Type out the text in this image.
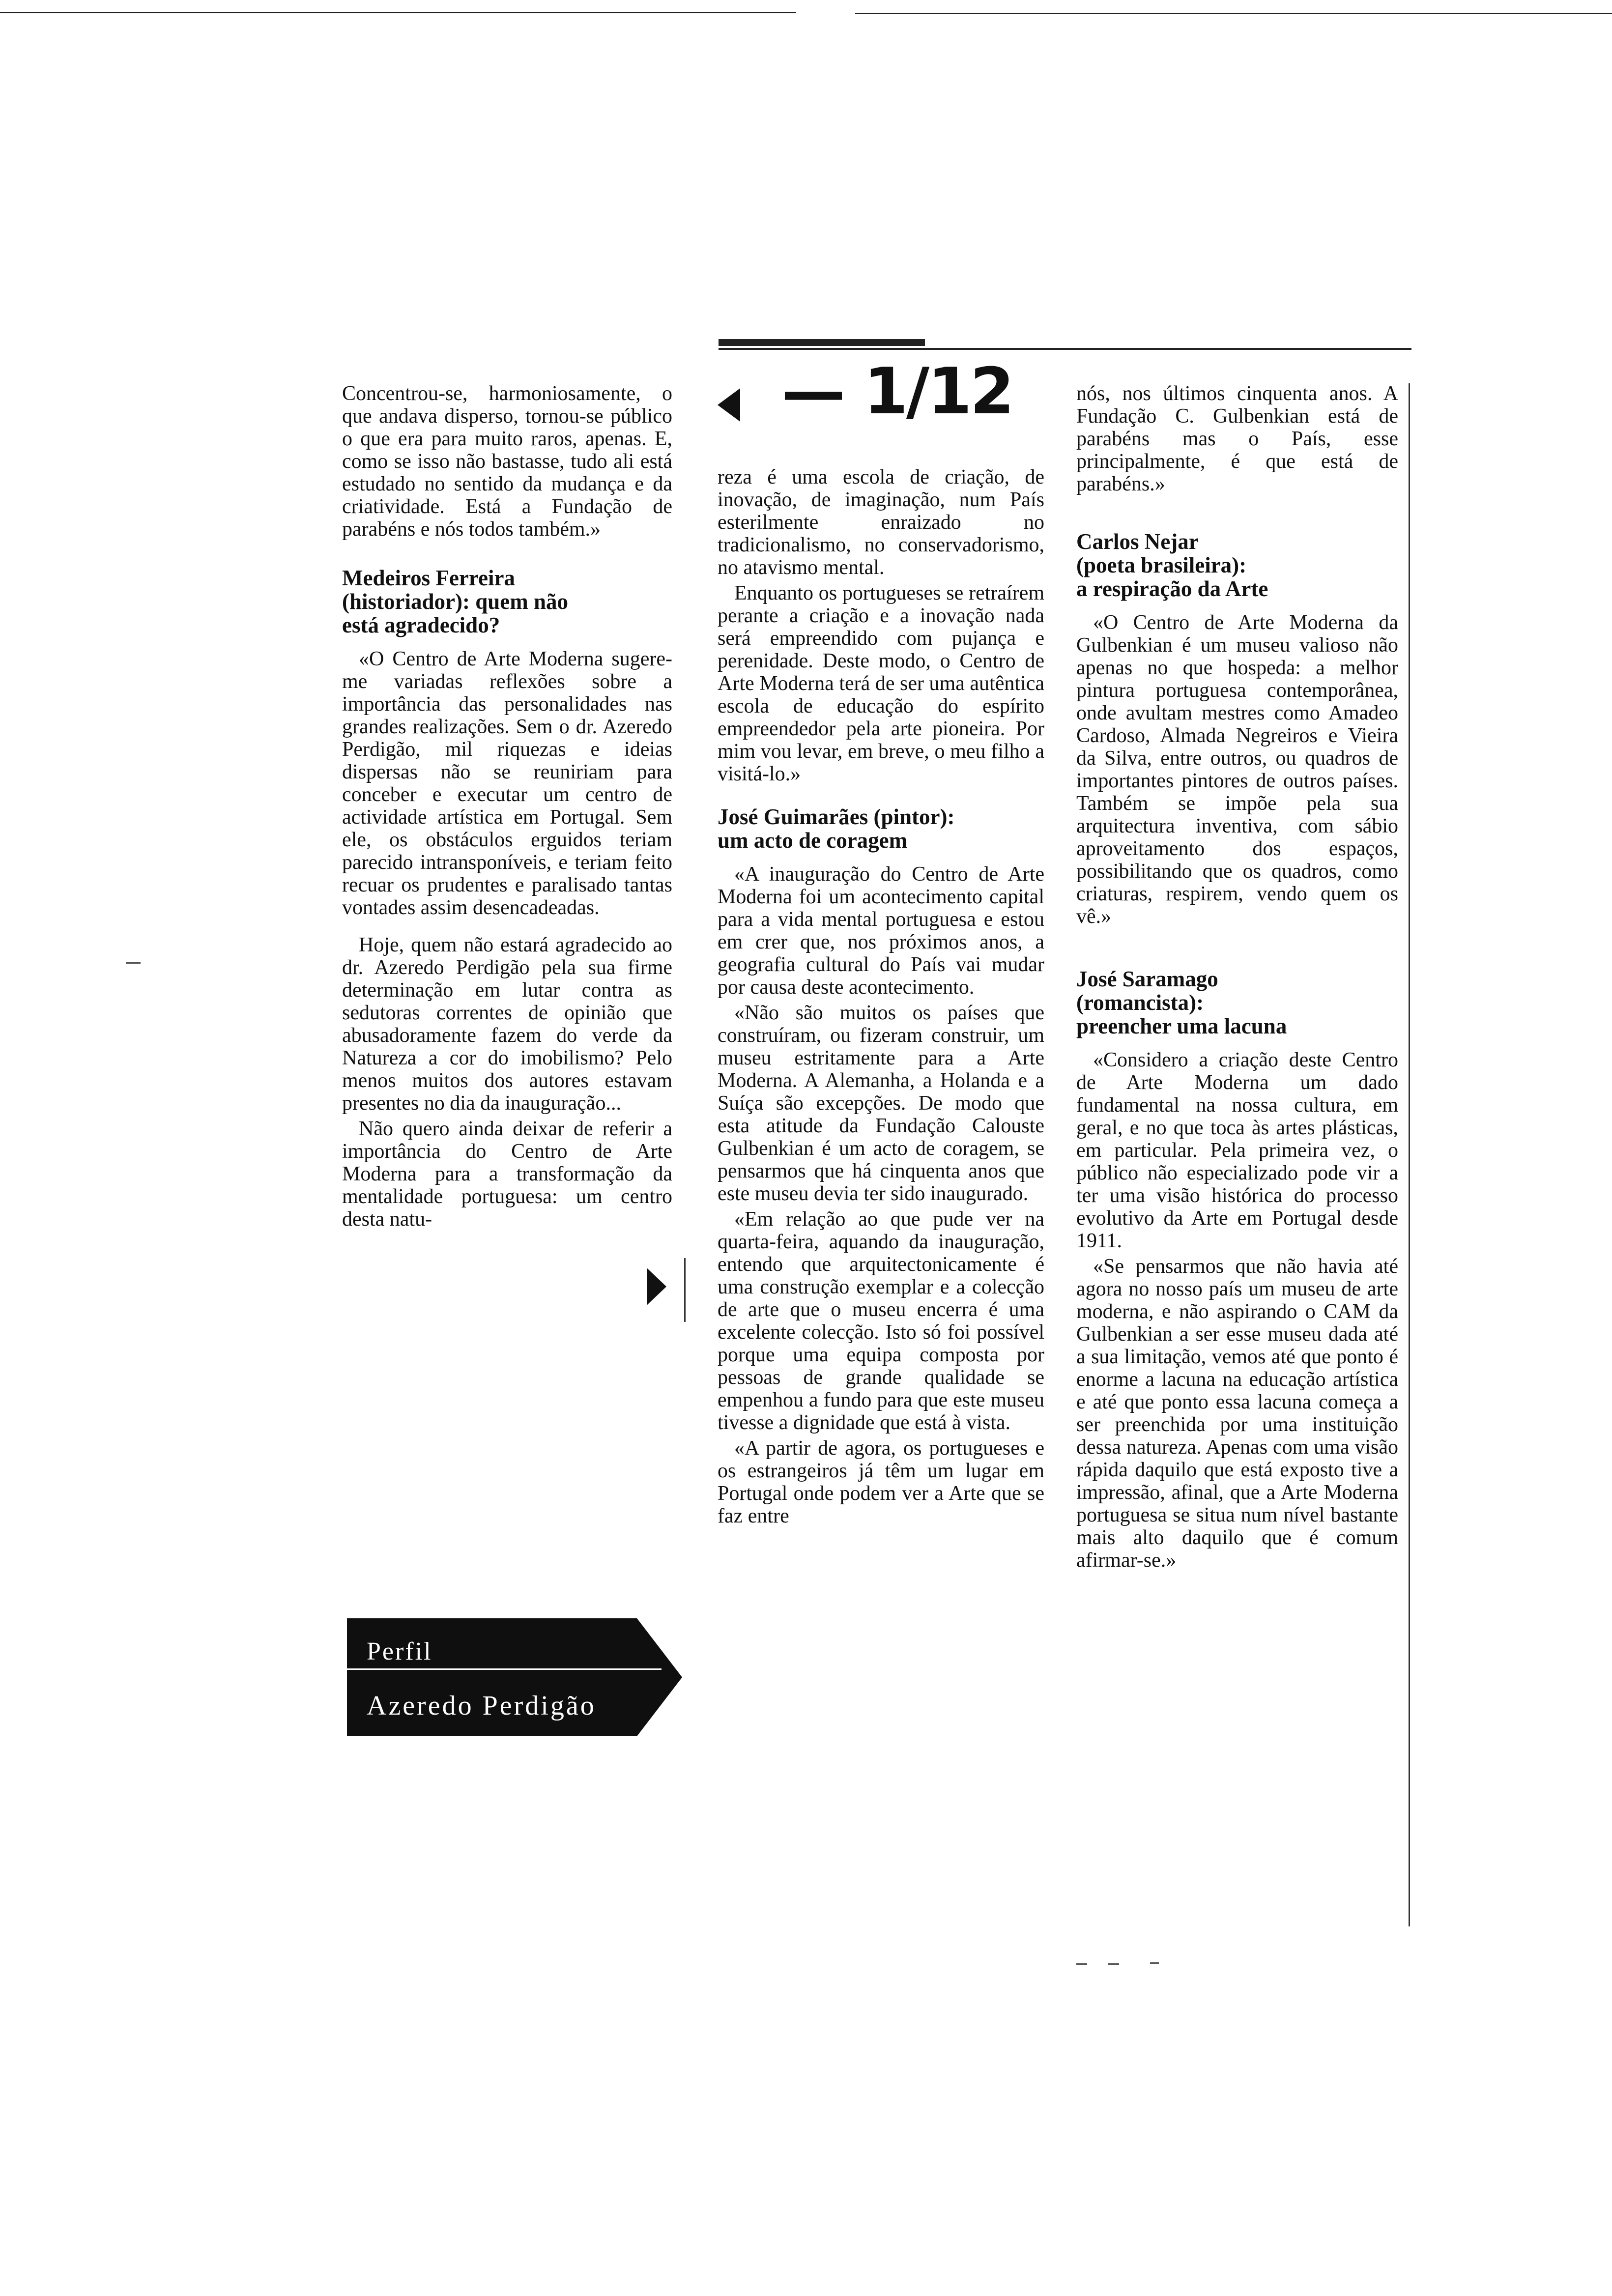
— 1/12

Concentrou-se, harmoniosamente, o que andava disperso, tornou-se público o que era para muito raros, apenas. E, como se isso não bastasse, tudo ali está estudado no sentido da mudança e da criatividade. Está a Fundação de parabéns e nós todos também.»

Medeiros Ferreira
(historiador): quem não
está agradecido?

«O Centro de Arte Moderna sugere-me variadas reflexões sobre a importância das personalidades nas grandes realizações. Sem o dr. Azeredo Perdigão, mil riquezas e ideias dispersas não se reuniriam para conceber e executar um centro de actividade artística em Portugal. Sem ele, os obstáculos erguidos teriam parecido intransponíveis, e teriam feito recuar os prudentes e paralisado tantas vontades assim desencadeadas.

Hoje, quem não estará agradecido ao dr. Azeredo Perdigão pela sua firme determinação em lutar contra as sedutoras correntes de opinião que abusadoramente fazem do verde da Natureza a cor do imobilismo? Pelo menos muitos dos autores estavam presentes no dia da inauguração...

Não quero ainda deixar de referir a importância do Centro de Arte Moderna para a transformação da mentalidade portuguesa: um centro desta natu-

reza é uma escola de criação, de inovação, de imaginação, num País esterilmente enraizado no tradicionalismo, no conservadorismo, no atavismo mental.

Enquanto os portugueses se retraírem perante a criação e a inovação nada será empreendido com pujança e perenidade. Deste modo, o Centro de Arte Moderna terá de ser uma autêntica escola de educação do espírito empreendedor pela arte pioneira. Por mim vou levar, em breve, o meu filho a visitá-lo.»

José Guimarães (pintor):
um acto de coragem

«A inauguração do Centro de Arte Moderna foi um acontecimento capital para a vida mental portuguesa e estou em crer que, nos próximos anos, a geografia cultural do País vai mudar por causa deste acontecimento.

«Não são muitos os países que construíram, ou fizeram construir, um museu estritamente para a Arte Moderna. A Alemanha, a Holanda e a Suíça são excepções. De modo que esta atitude da Fundação Calouste Gulbenkian é um acto de coragem, se pensarmos que há cinquenta anos que este museu devia ter sido inaugurado.

«Em relação ao que pude ver na quarta-feira, aquando da inauguração, entendo que arquitectonicamente é uma construção exemplar e a colecção de arte que o museu encerra é uma excelente colecção. Isto só foi possível porque uma equipa composta por pessoas de grande qualidade se empenhou a fundo para que este museu tivesse a dignidade que está à vista.

«A partir de agora, os portugueses e os estrangeiros já têm um lugar em Portugal onde podem ver a Arte que se faz entre

nós, nos últimos cinquenta anos. A Fundação C. Gulbenkian está de parabéns mas o País, esse principalmente, é que está de parabéns.»

Carlos Nejar
(poeta brasileira):
a respiração da Arte

«O Centro de Arte Moderna da Gulbenkian é um museu valioso não apenas no que hospeda: a melhor pintura portuguesa contemporânea, onde avultam mestres como Amadeo Cardoso, Almada Negreiros e Vieira da Silva, entre outros, ou quadros de importantes pintores de outros países. Também se impõe pela sua arquitectura inventiva, com sábio aproveitamento dos espaços, possibilitando que os quadros, como criaturas, respirem, vendo quem os vê.»

José Saramago
(romancista):
preencher uma lacuna

«Considero a criação deste Centro de Arte Moderna um dado fundamental na nossa cultura, em geral, e no que toca às artes plásticas, em particular. Pela primeira vez, o público não especializado pode vir a ter uma visão histórica do processo evolutivo da Arte em Portugal desde 1911.

«Se pensarmos que não havia até agora no nosso país um museu de arte moderna, e não aspirando o CAM da Gulbenkian a ser esse museu dada até a sua limitação, vemos até que ponto é enorme a lacuna na educação artística e até que ponto essa lacuna começa a ser preenchida por uma instituição dessa natureza. Apenas com uma visão rápida daquilo que está exposto tive a impressão, afinal, que a Arte Moderna portuguesa se situa num nível bastante mais alto daquilo que é comum afirmar-se.»

Perfil
Azeredo Perdigão
